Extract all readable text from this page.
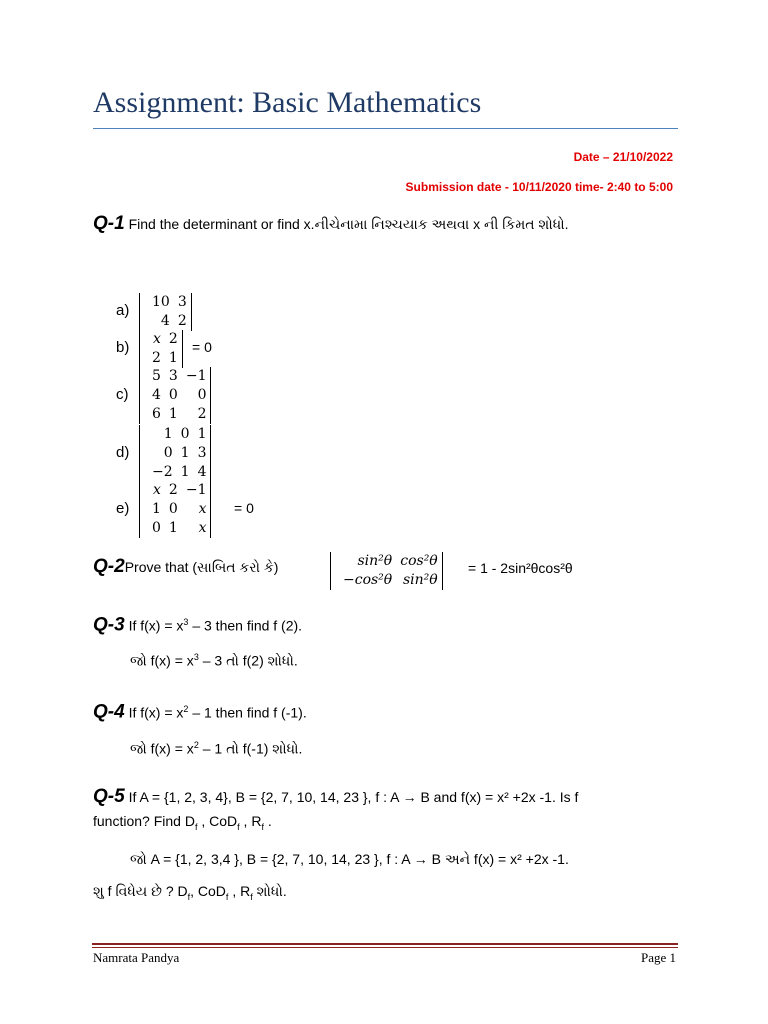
Assignment: Basic Mathematics
Date – 21/10/2022
Submission date - 10/11/2020 time- 2:40 to 5:00
Q-1 Find the determinant or find x.નીચેનામા નિશ્ચયાક અથવા x ની કિમત શોધો.
a)	10 3
4 2
b)	x 2
2 1
= 0
c)
5 3 −1
4 0	0
6 1	2
d)
1 0 1
0 1 3
−2 1 4
e)
x 2 −1
1 0	x
0 1	x
= 0
Q-2Prove that (સાબિત કરો કે)	sin²θ cos²θ
−cos²θ sin²θ
= 1 - 2sin²θcos²θ
Q-3 If $f(x) = x^3 - 3$ then find f (2).
જો $f(x) = x^3 - 3$ તો f(2) શોધો.
Q-4 If $f(x) = x^2 - 1$ then find f (-1).
જો $f(x) = x^2 - 1$ તો f(-1) શોધો.
Q-5 If A = {1, 2, 3, 4}, B = {2, 7, 10, 14, 23 }, f : A → B and f(x) = x² +2x -1. Is f
function? Find $D_f$ , CoD$_f$ , $R_f$ .
જો A = {1, 2, 3,4 }, B = {2, 7, 10, 14, 23 }, f : A → B અને f(x) = x² +2x -1.
શુ f વિધેય છે ? $D_f$, CoD$_f$ , $R_f$ શોધો.
Namrata Pandya	Page 1
